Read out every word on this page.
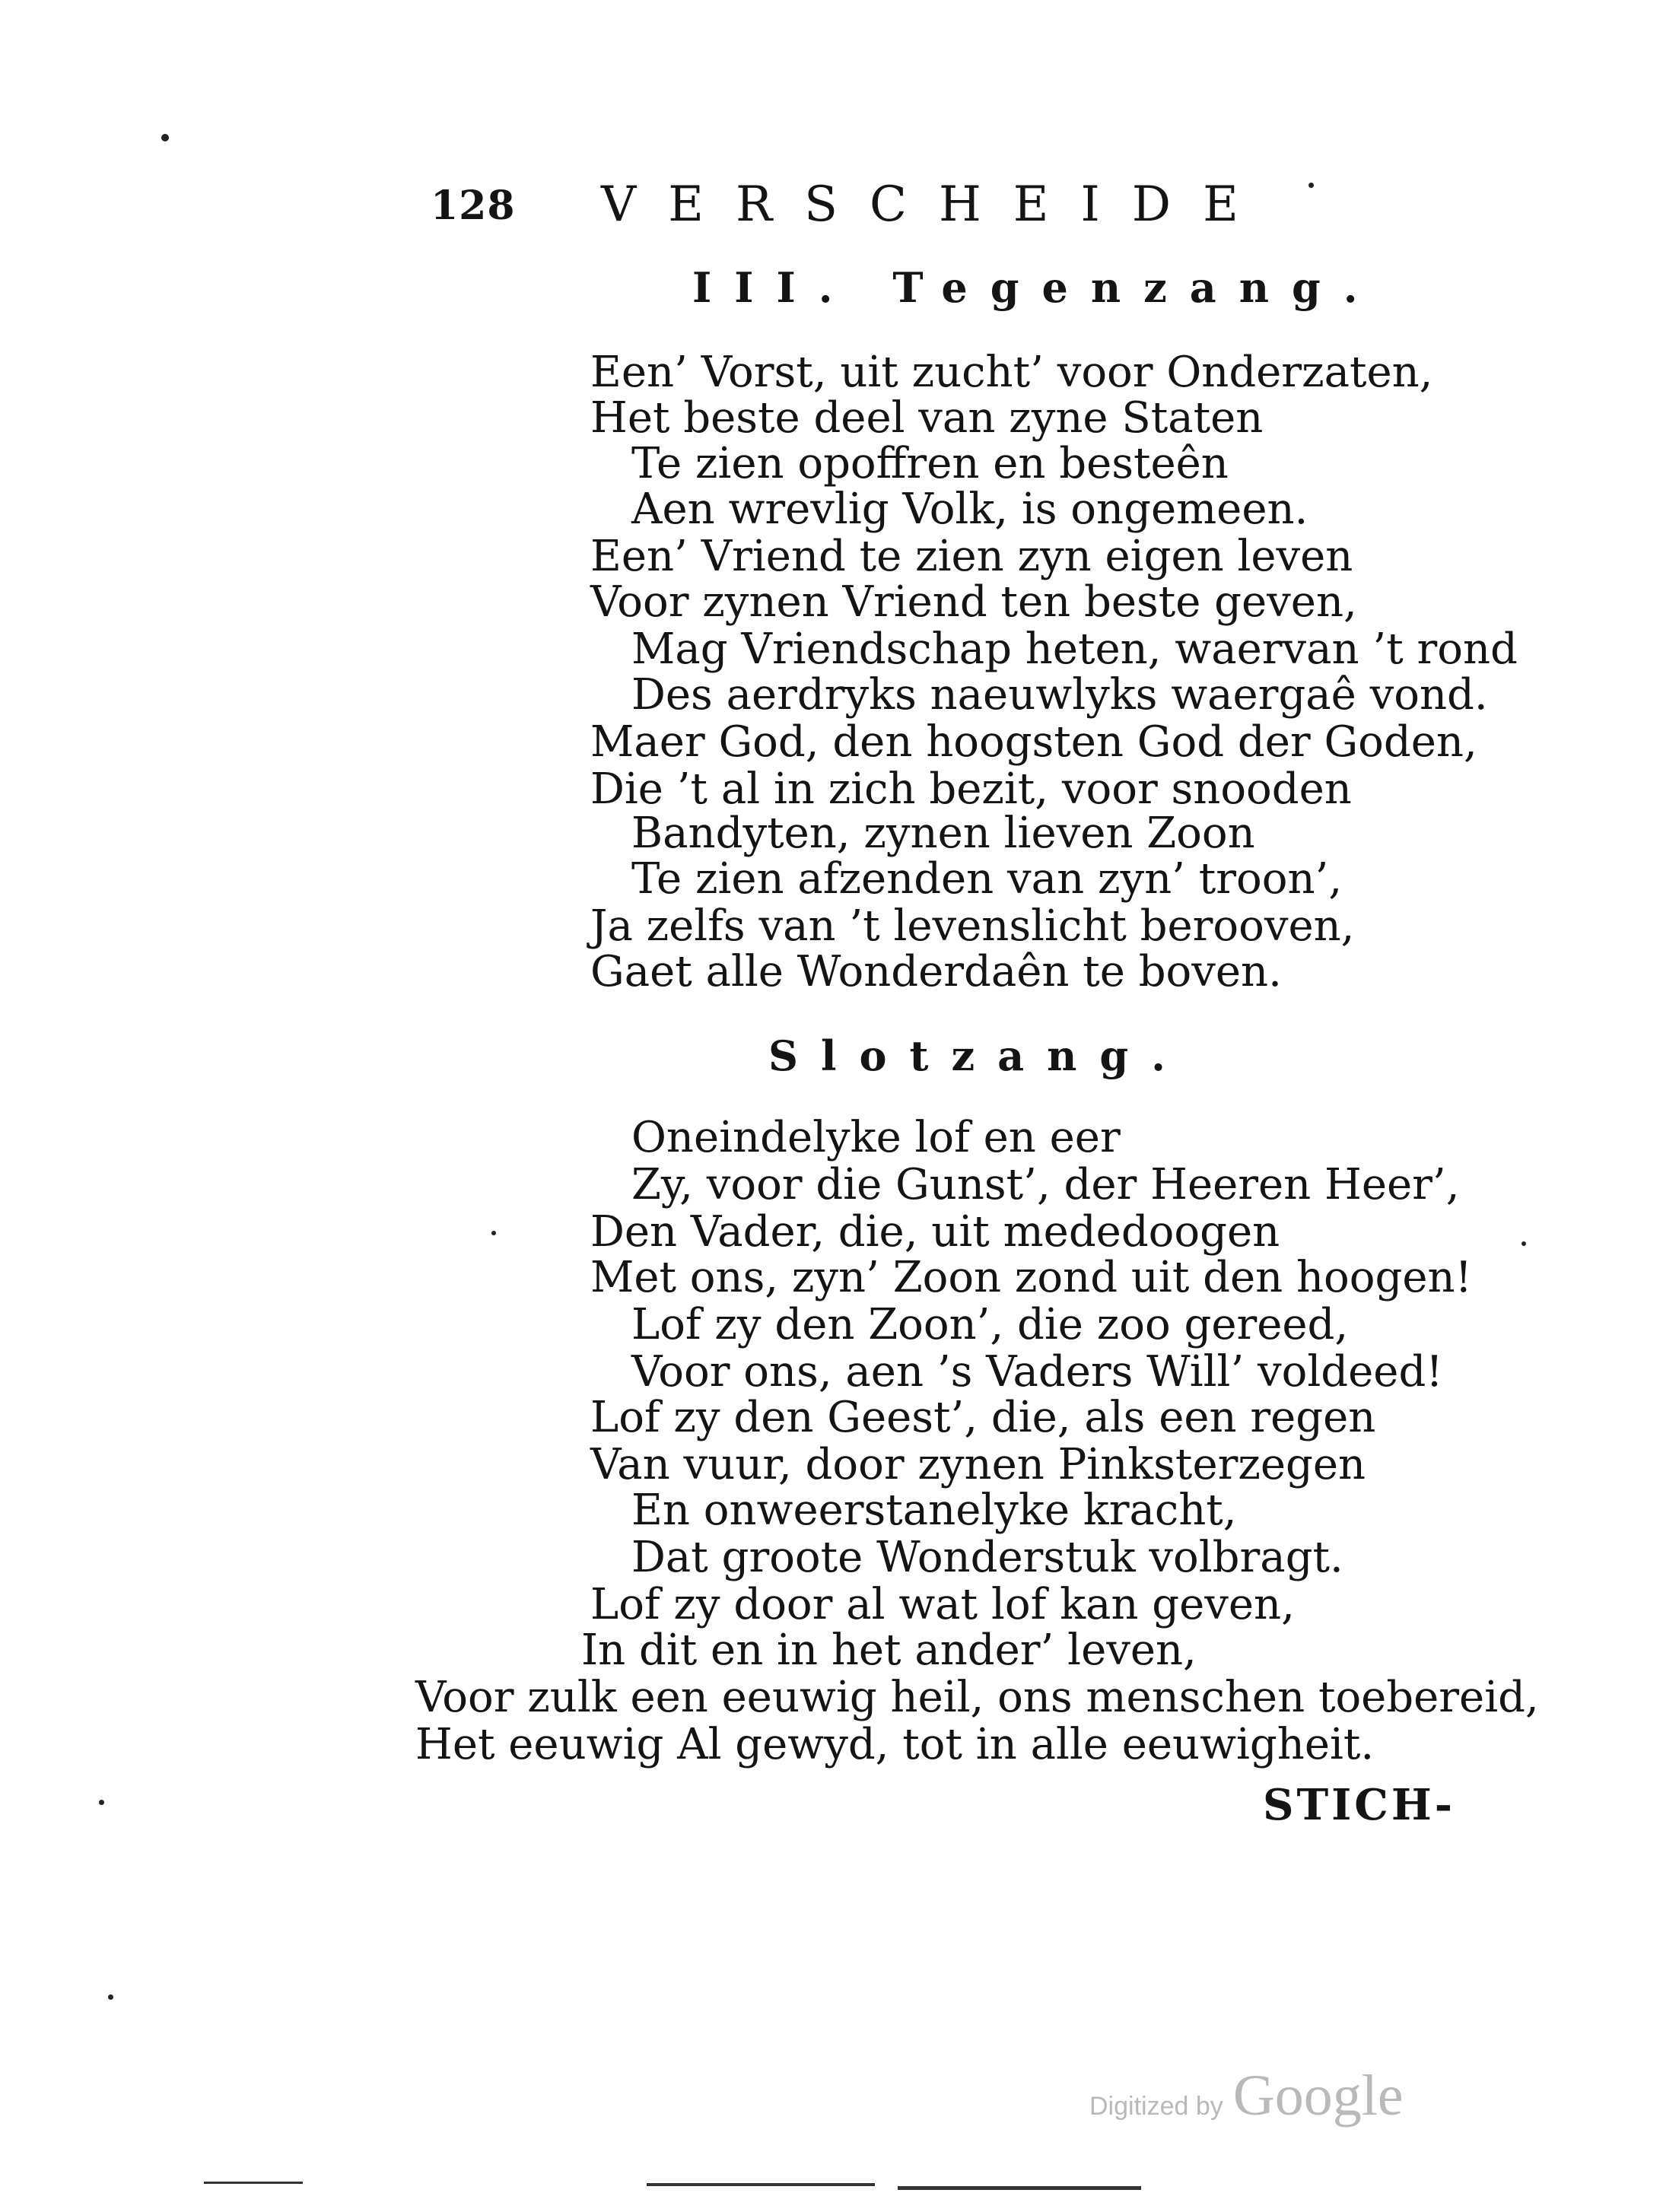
128 VERSCHEIDE
III. Tegenzang.
Een’ Vorst, uit zucht’ voor Onderzaten,
Het beste deel van zyne Staten
Te zien opoffren en besteên
Aen wrevlig Volk, is ongemeen.
Een’ Vriend te zien zyn eigen leven
Voor zynen Vriend ten beste geven,
Mag Vriendschap heten, waervan ’t rond
Des aerdryks naeuwlyks waergaê vond.
Maer God, den hoogsten God der Goden,
Die ’t al in zich bezit, voor snooden
Bandyten, zynen lieven Zoon
Te zien afzenden van zyn’ troon’,
Ja zelfs van ’t levenslicht berooven,
Gaet alle Wonderdaên te boven.
Slotzang.
Oneindelyke lof en eer
Zy, voor die Gunst’, der Heeren Heer’,
Den Vader, die, uit mededoogen
Met ons, zyn’ Zoon zond uit den hoogen!
Lof zy den Zoon’, die zoo gereed,
Voor ons, aen ’s Vaders Will’ voldeed!
Lof zy den Geest’, die, als een regen
Van vuur, door zynen Pinksterzegen
En onweerstanelyke kracht,
Dat groote Wonderstuk volbragt.
Lof zy door al wat lof kan geven,
In dit en in het ander’ leven,
Voor zulk een eeuwig heil, ons menschen toebereid,
Het eeuwig Al gewyd, tot in alle eeuwigheit.
STICH-
Digitized by Google
